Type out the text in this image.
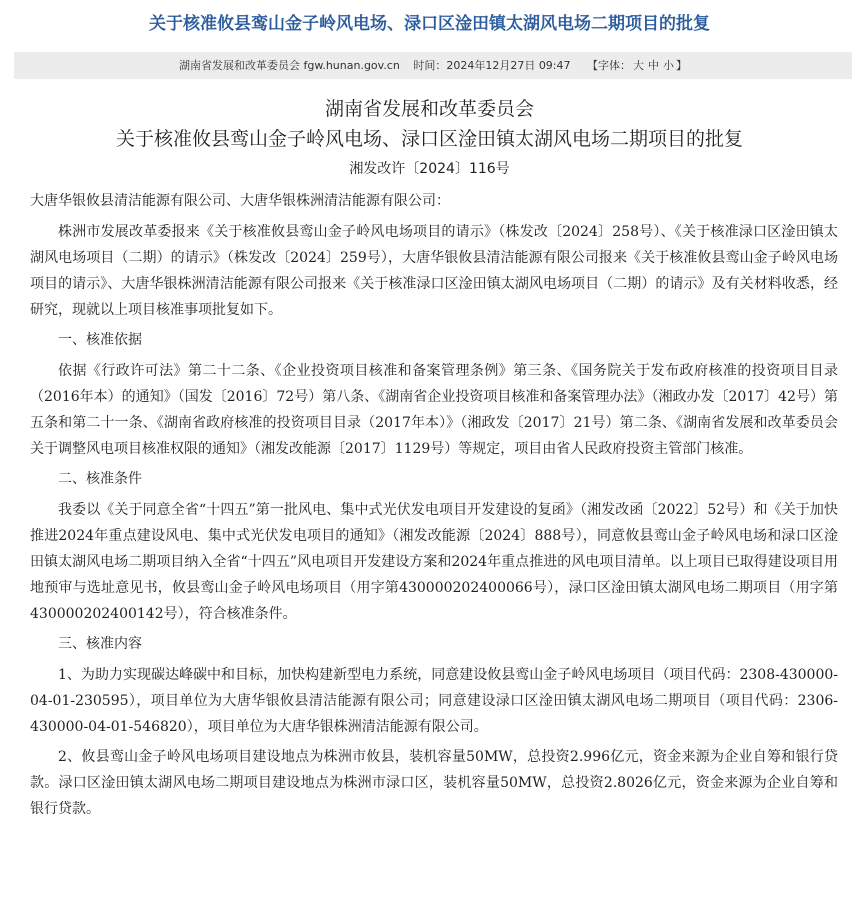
关于核准攸县鸾山金子岭风电场、渌口区淦田镇太湖风电场二期项目的批复
湖南省发展和改革委员会 fgw.hunan.gov.cn 时间：2024年12月27日 09:47 【字体： 大 中 小 】
湖南省发展和改革委员会
关于核准攸县鸾山金子岭风电场、渌口区淦田镇太湖风电场二期项目的批复
湘发改许〔2024〕116号

大唐华银攸县清洁能源有限公司、大唐华银株洲清洁能源有限公司：

株洲市发展改革委报来《关于核准攸县鸾山金子岭风电场项目的请示》（株发改〔2024〕258号）、《关于核准渌口区淦田镇太湖风电场项目（二期）的请示》（株发改〔2024〕259号），大唐华银攸县清洁能源有限公司报来《关于核准攸县鸾山金子岭风电场项目的请示》、大唐华银株洲清洁能源有限公司报来《关于核准渌口区淦田镇太湖风电场项目（二期）的请示》及有关材料收悉，经研究，现就以上项目核准事项批复如下。

一、核准依据

依据《行政许可法》第二十二条、《企业投资项目核准和备案管理条例》第三条、《国务院关于发布政府核准的投资项目目录（2016年本）的通知》（国发〔2016〕72号）第八条、《湖南省企业投资项目核准和备案管理办法》（湘政办发〔2017〕42号）第五条和第二十一条、《湖南省政府核准的投资项目目录（2017年本）》（湘政发〔2017〕21号）第二条、《湖南省发展和改革委员会关于调整风电项目核准权限的通知》（湘发改能源〔2017〕1129号）等规定，项目由省人民政府投资主管部门核准。

二、核准条件

我委以《关于同意全省“十四五”第一批风电、集中式光伏发电项目开发建设的复函》（湘发改函〔2022〕52号）和《关于加快推进2024年重点建设风电、集中式光伏发电项目的通知》（湘发改能源〔2024〕888号），同意攸县鸾山金子岭风电场和渌口区淦田镇太湖风电场二期项目纳入全省“十四五”风电项目开发建设方案和2024年重点推进的风电项目清单。以上项目已取得建设项目用地预审与选址意见书，攸县鸾山金子岭风电场项目（用字第430000202400066号），渌口区淦田镇太湖风电场二期项目（用字第430000202400142号），符合核准条件。

三、核准内容

1、为助力实现碳达峰碳中和目标，加快构建新型电力系统，同意建设攸县鸾山金子岭风电场项目（项目代码：2308-430000-04-01-230595），项目单位为大唐华银攸县清洁能源有限公司；同意建设渌口区淦田镇太湖风电场二期项目（项目代码：2306-430000-04-01-546820），项目单位为大唐华银株洲清洁能源有限公司。

2、攸县鸾山金子岭风电场项目建设地点为株洲市攸县，装机容量50MW，总投资2.996亿元，资金来源为企业自筹和银行贷款。渌口区淦田镇太湖风电场二期项目建设地点为株洲市渌口区，装机容量50MW，总投资2.8026亿元，资金来源为企业自筹和银行贷款。
